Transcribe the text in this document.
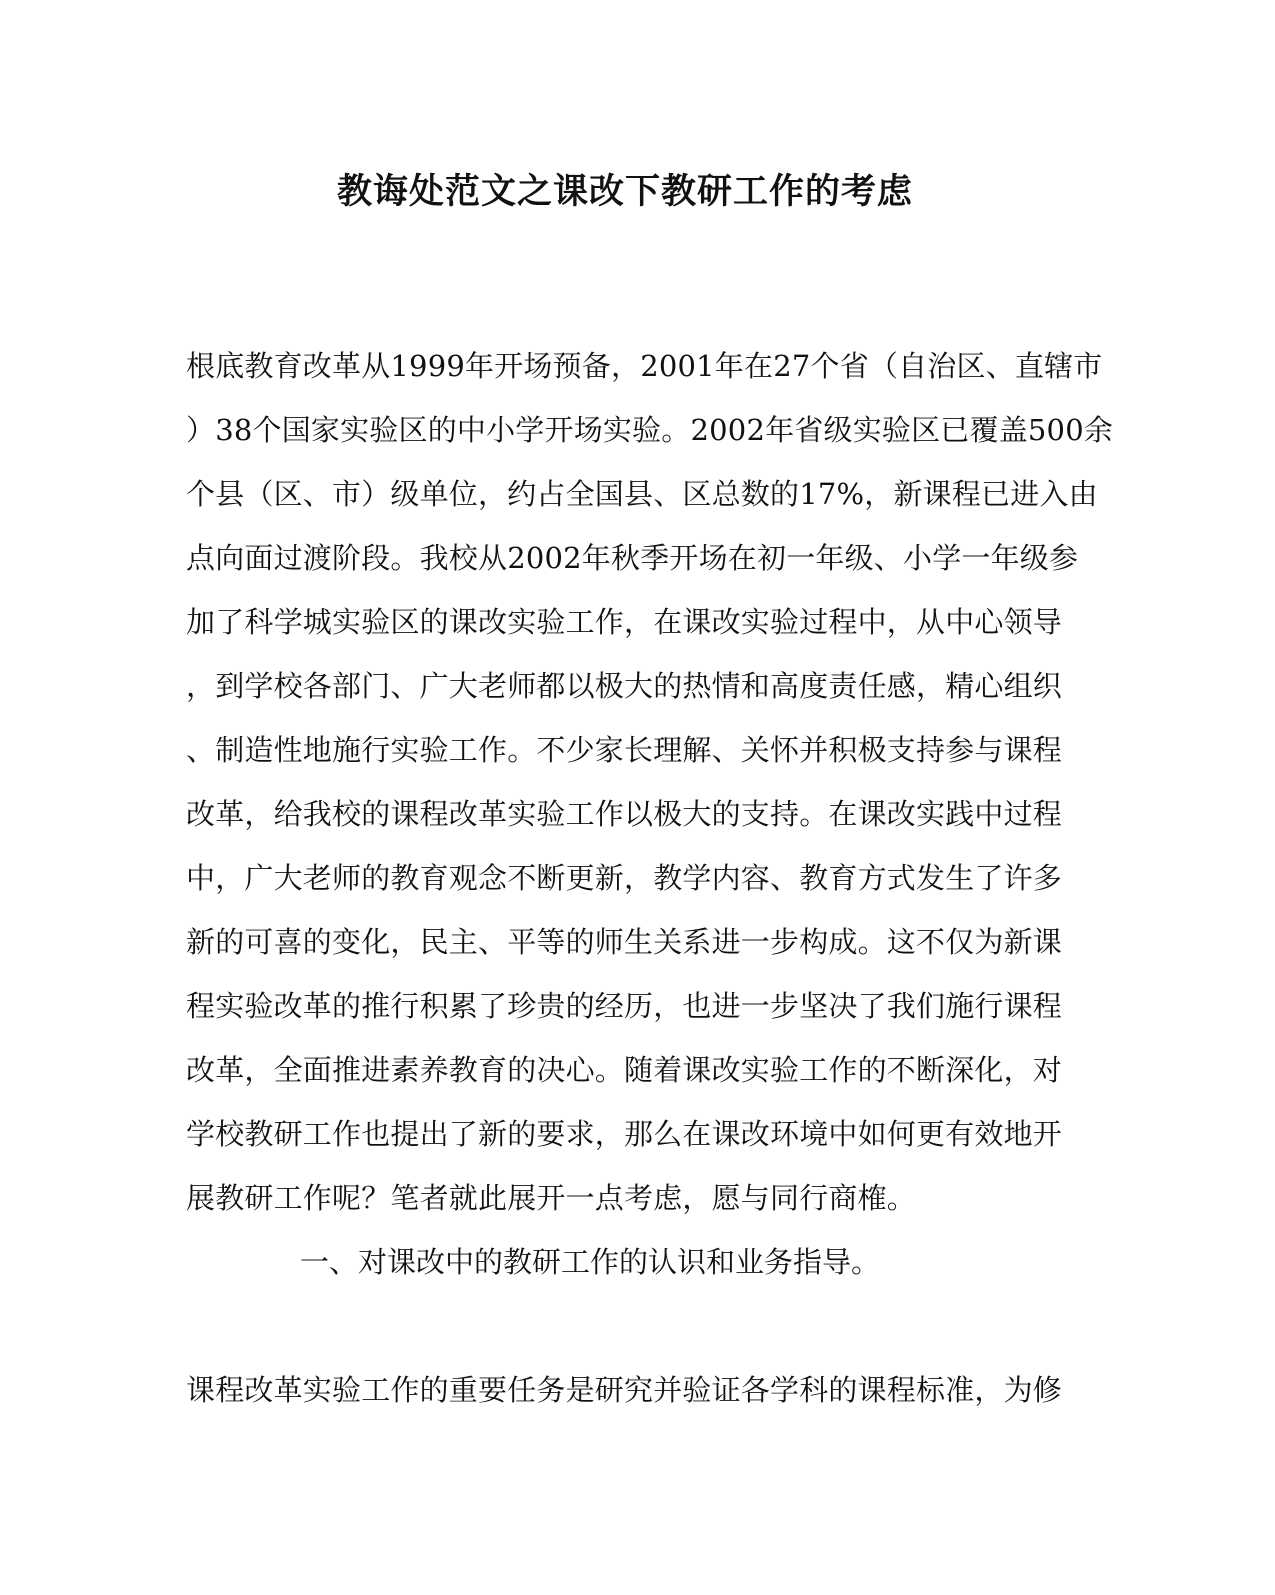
教诲处范文之课改下教研工作的考虑
根底教育改革从1999年开场预备，2001年在27个省（自治区、直辖市
）38个国家实验区的中小学开场实验。2002年省级实验区已覆盖500余
个县（区、市）级单位，约占全国县、区总数的17%，新课程已进入由
点向面过渡阶段。我校从2002年秋季开场在初一年级、小学一年级参
加了科学城实验区的课改实验工作，在课改实验过程中，从中心领导
，到学校各部门、广大老师都以极大的热情和高度责任感，精心组织
、制造性地施行实验工作。不少家长理解、关怀并积极支持参与课程
改革，给我校的课程改革实验工作以极大的支持。在课改实践中过程
中，广大老师的教育观念不断更新，教学内容、教育方式发生了许多
新的可喜的变化，民主、平等的师生关系进一步构成。这不仅为新课
程实验改革的推行积累了珍贵的经历，也进一步坚决了我们施行课程
改革，全面推进素养教育的决心。随着课改实验工作的不断深化，对
学校教研工作也提出了新的要求，那么在课改环境中如何更有效地开
展教研工作呢？笔者就此展开一点考虑，愿与同行商榷。
一、对课改中的教研工作的认识和业务指导。
课程改革实验工作的重要任务是研究并验证各学科的课程标准，为修
